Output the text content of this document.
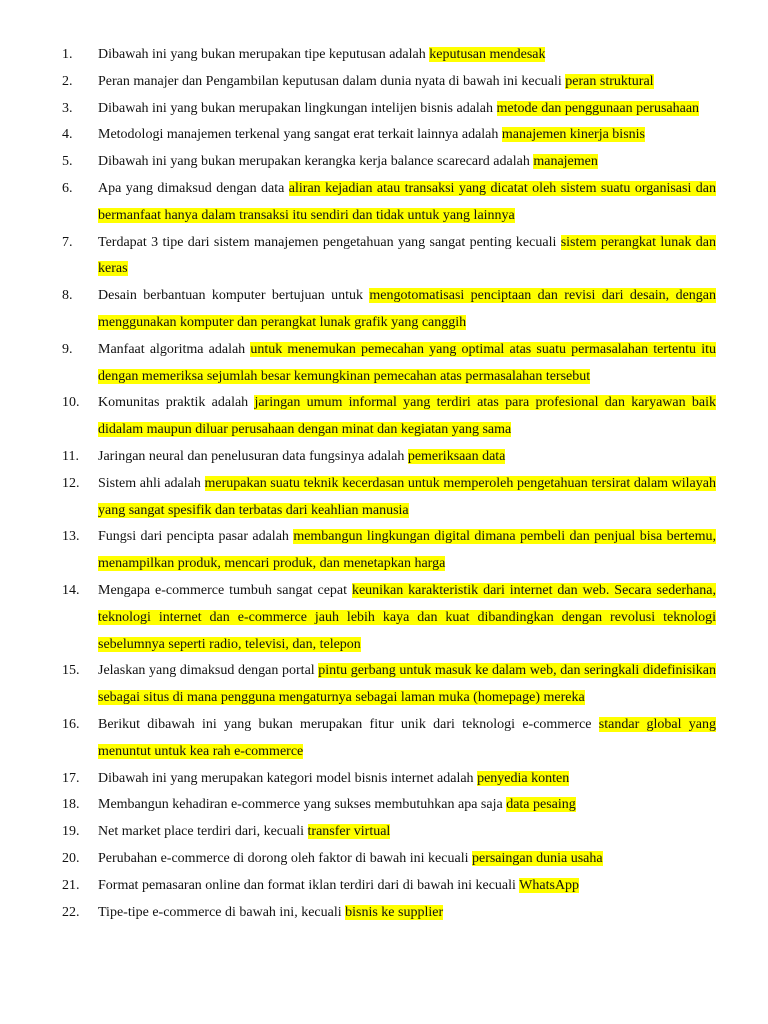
1.	Dibawah ini yang bukan merupakan tipe keputusan adalah keputusan mendesak
2.	Peran manajer dan Pengambilan keputusan dalam dunia nyata di bawah ini kecuali peran struktural
3.	Dibawah ini yang bukan merupakan lingkungan intelijen bisnis adalah metode dan penggunaan perusahaan
4.	Metodologi manajemen terkenal yang sangat erat terkait lainnya adalah manajemen kinerja bisnis
5.	Dibawah ini yang bukan merupakan kerangka kerja balance scarecard adalah manajemen
6.	Apa yang dimaksud dengan data aliran kejadian atau transaksi yang dicatat oleh sistem suatu organisasi dan bermanfaat hanya dalam transaksi itu sendiri dan tidak untuk yang lainnya
7.	Terdapat 3 tipe dari sistem manajemen pengetahuan yang sangat penting kecuali sistem perangkat lunak dan keras
8.	Desain berbantuan komputer bertujuan untuk mengotomatisasi penciptaan dan revisi dari desain, dengan menggunakan komputer dan perangkat lunak grafik yang canggih
9.	Manfaat algoritma adalah untuk menemukan pemecahan yang optimal atas suatu permasalahan tertentu itu dengan memeriksa sejumlah besar kemungkinan pemecahan atas permasalahan tersebut
10.	Komunitas praktik adalah jaringan umum informal yang terdiri atas para profesional dan karyawan baik didalam maupun diluar perusahaan dengan minat dan kegiatan yang sama
11.	Jaringan neural dan penelusuran data fungsinya adalah pemeriksaan data
12.	Sistem ahli adalah merupakan suatu teknik kecerdasan untuk memperoleh pengetahuan tersirat dalam wilayah yang sangat spesifik dan terbatas dari keahlian manusia
13.	Fungsi dari pencipta pasar adalah membangun lingkungan digital dimana pembeli dan penjual bisa bertemu, menampilkan produk, mencari produk, dan menetapkan harga
14.	Mengapa e-commerce tumbuh sangat cepat keunikan karakteristik dari internet dan web. Secara sederhana, teknologi internet dan e-commerce jauh lebih kaya dan kuat dibandingkan dengan revolusi teknologi sebelumnya seperti radio, televisi, dan, telepon
15.	Jelaskan yang dimaksud dengan portal pintu gerbang untuk masuk ke dalam web, dan seringkali didefinisikan sebagai situs di mana pengguna mengaturnya sebagai laman muka (homepage) mereka
16.	Berikut dibawah ini yang bukan merupakan fitur unik dari teknologi e-commerce standar global yang menuntut untuk kea rah e-commerce
17.	Dibawah ini yang merupakan kategori model bisnis internet adalah penyedia konten
18.	Membangun kehadiran e-commerce yang sukses membutuhkan apa saja data pesaing
19.	Net market place terdiri dari, kecuali transfer virtual
20.	Perubahan e-commerce di dorong oleh faktor di bawah ini kecuali persaingan dunia usaha
21.	Format pemasaran online dan format iklan terdiri dari di bawah ini kecuali WhatsApp
22.	Tipe-tipe e-commerce di bawah ini, kecuali bisnis ke supplier
